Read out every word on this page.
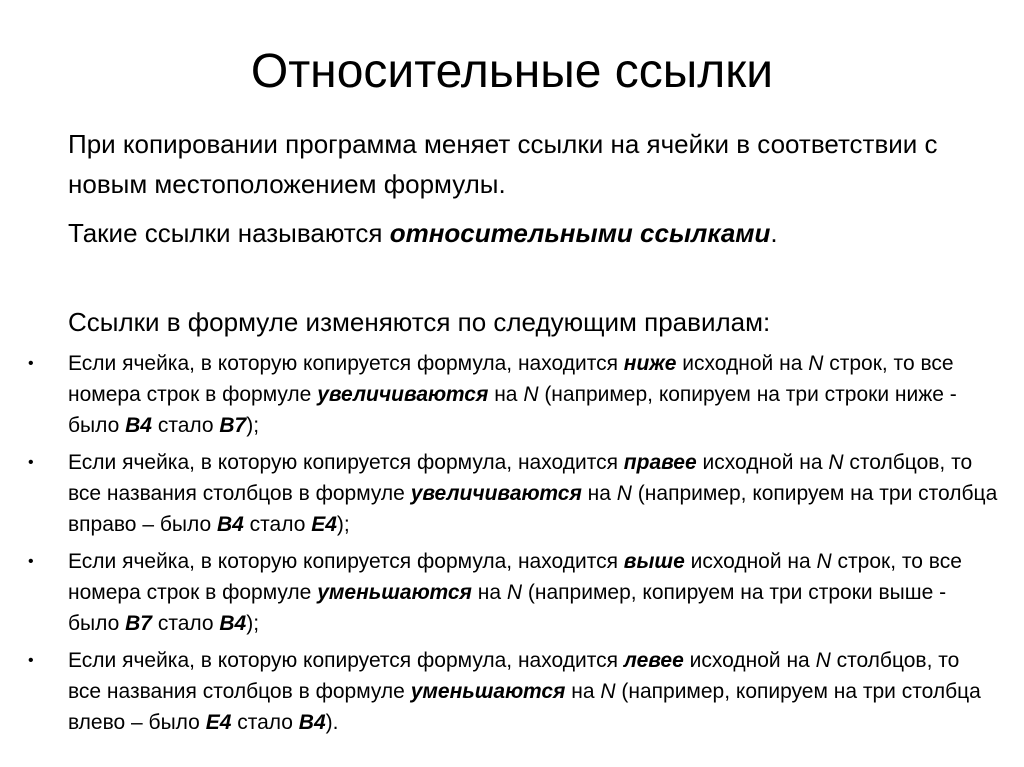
Относительные ссылки

При копировании программа меняет ссылки на ячейки в соответствии с новым местоположением формулы.

Такие ссылки называются относительными ссылками.

Ссылки в формуле изменяются по следующим правилам:

• Если ячейка, в которую копируется формула, находится ниже исходной на N строк, то все номера строк в формуле увеличиваются на N (например, копируем на три строки ниже - было B4 стало B7);
• Если ячейка, в которую копируется формула, находится правее исходной на N столбцов, то все названия столбцов в формуле увеличиваются на N (например, копируем на три столбца вправо – было B4 стало E4);
• Если ячейка, в которую копируется формула, находится выше исходной на N строк, то все номера строк в формуле уменьшаются на N (например, копируем на три строки выше - было B7 стало B4);
• Если ячейка, в которую копируется формула, находится левее исходной на N столбцов, то все названия столбцов в формуле уменьшаются на N (например, копируем на три столбца влево – было E4 стало B4).
